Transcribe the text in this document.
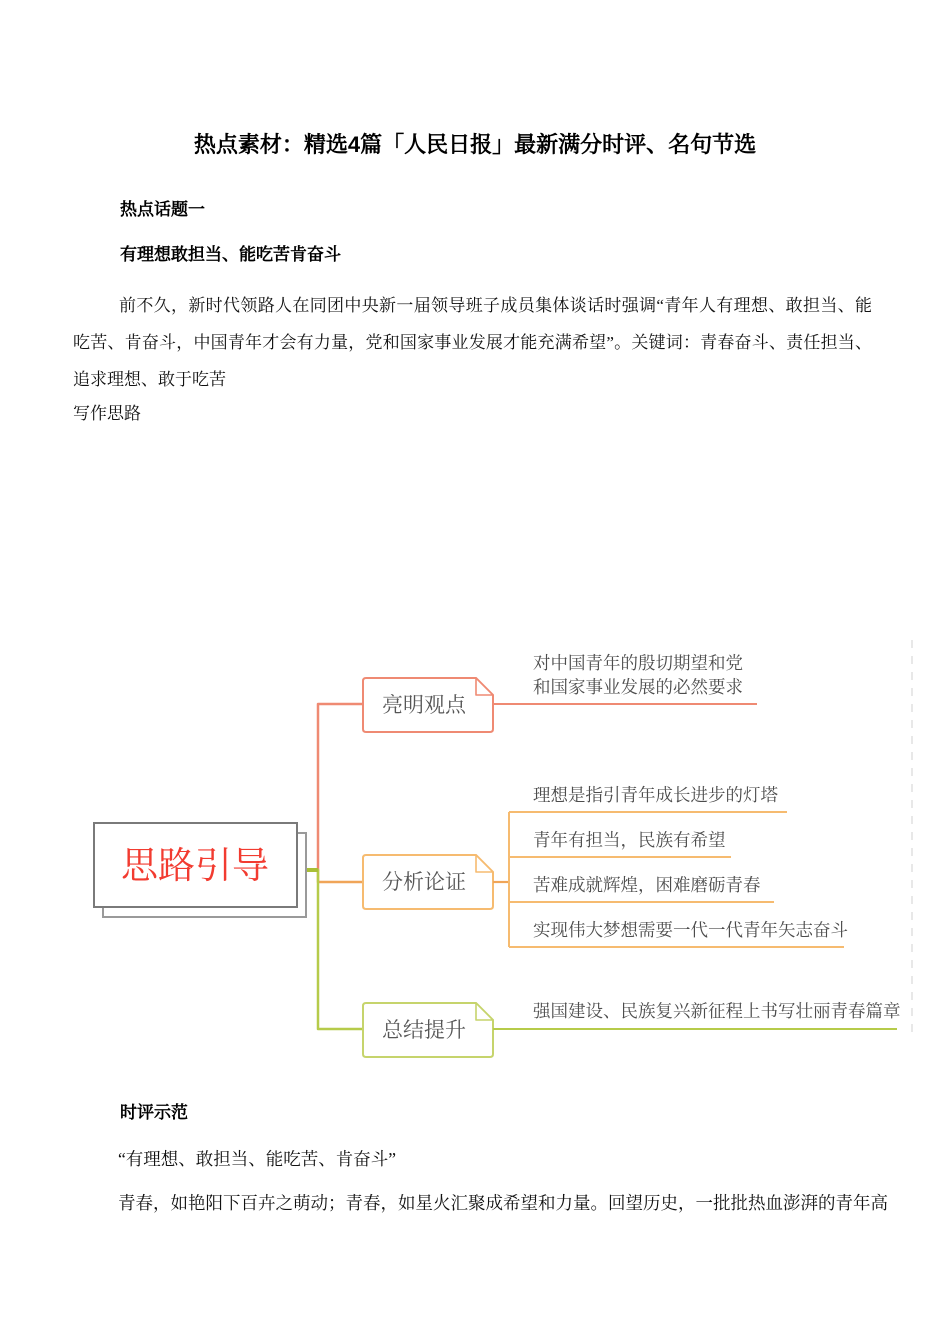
热点素材：精选4篇「人民日报」最新满分时评、名句节选
热点话题一
有理想敢担当、能吃苦肯奋斗
前不久，新时代领路人在同团中央新一届领导班子成员集体谈话时强调“青年人有理想、敢担当、能吃苦、肯奋斗，中国青年才会有力量，党和国家事业发展才能充满希望”。关键词：青春奋斗、责任担当、追求理想、敢于吃苦
写作思路
思路引导
亮明观点
对中国青年的殷切期望和党
和国家事业发展的必然要求
分析论证
理想是指引青年成长进步的灯塔
青年有担当，民族有希望
苦难成就辉煌，困难磨砺青春
实现伟大梦想需要一代一代青年矢志奋斗
总结提升
强国建设、民族复兴新征程上书写壮丽青春篇章
时评示范
“有理想、敢担当、能吃苦、肯奋斗”
青春，如艳阳下百卉之萌动；青春，如星火汇聚成希望和力量。回望历史，一批批热血澎湃的青年高
